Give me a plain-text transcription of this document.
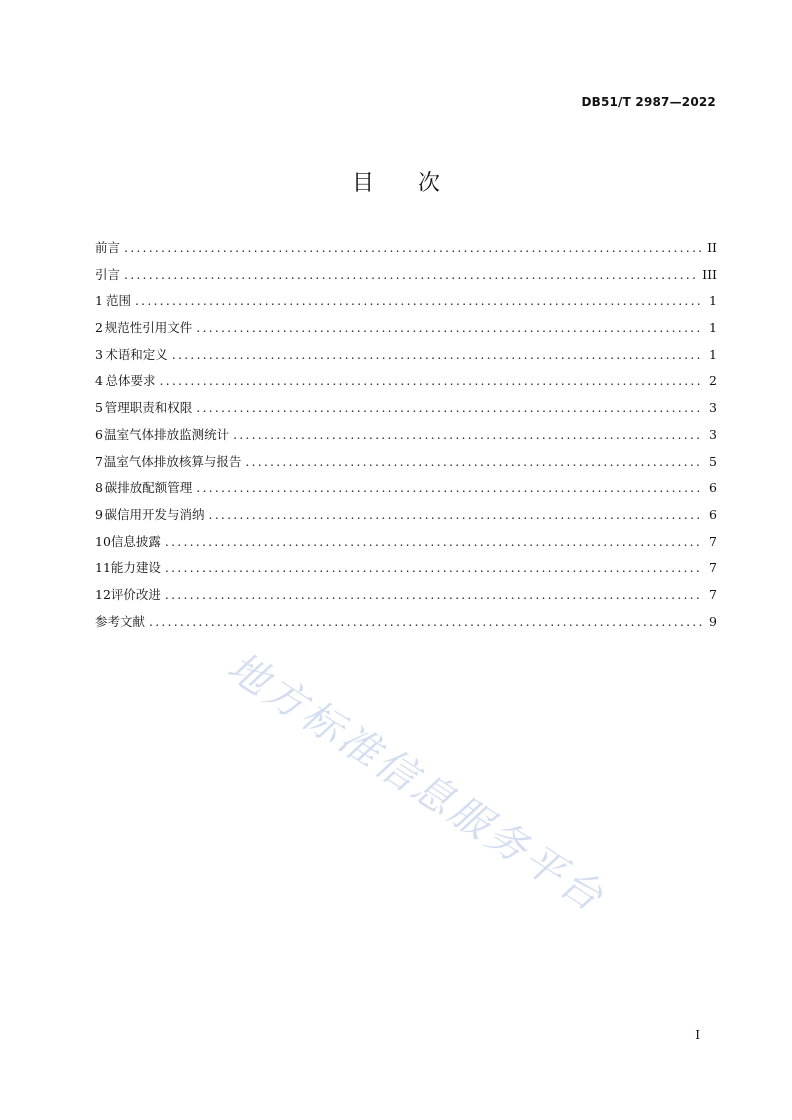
DB51/T 2987—2022
目次
前言 .....	II
引言 .....	III
1 范围 .....	1
2 规范性引用文件 .....	1
3 术语和定义 .....	1
4 总体要求 .....	2
5 管理职责和权限 .....	3
6 温室气体排放监测统计 .....	3
7 温室气体排放核算与报告 .....	5
8 碳排放配额管理 .....	6
9 碳信用开发与消纳 .....	6
10 信息披露 .....	7
11 能力建设 .....	7
12 评价改进 .....	7
参考文献 .....	9
地方标准信息服务平台
I
